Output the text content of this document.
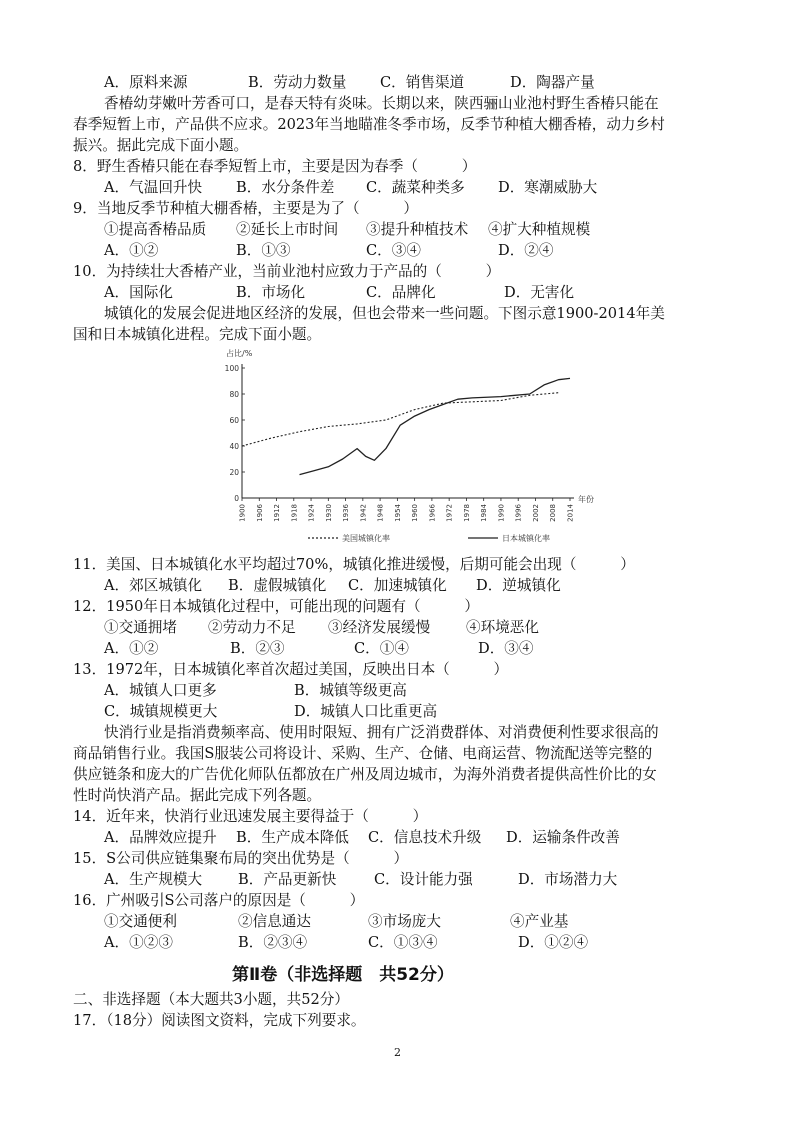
A．原料来源	B．劳动力数量 C．销售渠道	D．陶器产量
香椿幼芽嫩叶芳香可口，是春天特有炎味。长期以来，陕西骊山业池村野生香椿只能在
春季短暂上市，产品供不应求。2023年当地瞄准冬季市场，反季节种植大棚香椿，动力乡村
振兴。据此完成下面小题。
8．野生香椿只能在春季短暂上市，主要是因为春季（　　　）
A．气温回升快 B．水分条件差 C．蔬菜种类多 D．寒潮威胁大
9．当地反季节种植大棚香椿，主要是为了（　　　）
①提高香椿品质 ②延长上市时间 ③提升种植技术 ④扩大种植规模
A．①②	B．①③	C．③④	D．②④
10．为持续壮大香椿产业，当前业池村应致力于产品的（　　　）
A．国际化	B．市场化	C．品牌化	D．无害化
城镇化的发展会促进地区经济的发展，但也会带来一些问题。下图示意1900-2014年美
国和日本城镇化进程。完成下面小题。
占比/%
年份
0
20
40
60
80
100
1900 1906 1912 1918 1924 1930 1936 1942 1948 1954 1960 1966 1972 1978 1984 1990 1996 2002 2008 2014
美国城镇化率	日本城镇化率
11．美国、日本城镇化水平均超过70%，城镇化推进缓慢，后期可能会出现（　　　）
A．郊区城镇化 B．虚假城镇化 C．加速城镇化 D．逆城镇化
12．1950年日本城镇化过程中，可能出现的问题有（　　　）
①交通拥堵 ②劳动力不足 ③经济发展缓慢 ④环境恶化
A．①②	B．②③	C．①④	D．③④
13．1972年，日本城镇化率首次超过美国，反映出日本（　　　）
A．城镇人口更多	B．城镇等级更高
C．城镇规模更大	D．城镇人口比重更高
快消行业是指消费频率高、使用时限短、拥有广泛消费群体、对消费便利性要求很高的
商品销售行业。我国S服装公司将设计、采购、生产、仓储、电商运营、物流配送等完整的
供应链条和庞大的广告优化师队伍都放在广州及周边城市，为海外消费者提供高性价比的女
性时尚快消产品。据此完成下列各题。
14．近年来，快消行业迅速发展主要得益于（　　　）
A．品牌效应提升 B．生产成本降低 C．信息技术升级 D．运输条件改善
15．S公司供应链集聚布局的突出优势是（　　　）
A．生产规模大 B．产品更新快	C．设计能力强	D．市场潜力大
16．广州吸引S公司落户的原因是（　　　）
①交通便利	②信息通达	③市场庞大	④产业基
A．①②③	B．②③④	C．①③④	D．①②④
第Ⅱ卷（非选择题　共52分）
二、非选择题（本大题共3小题，共52分）
17．（18分）阅读图文资料，完成下列要求。
2
